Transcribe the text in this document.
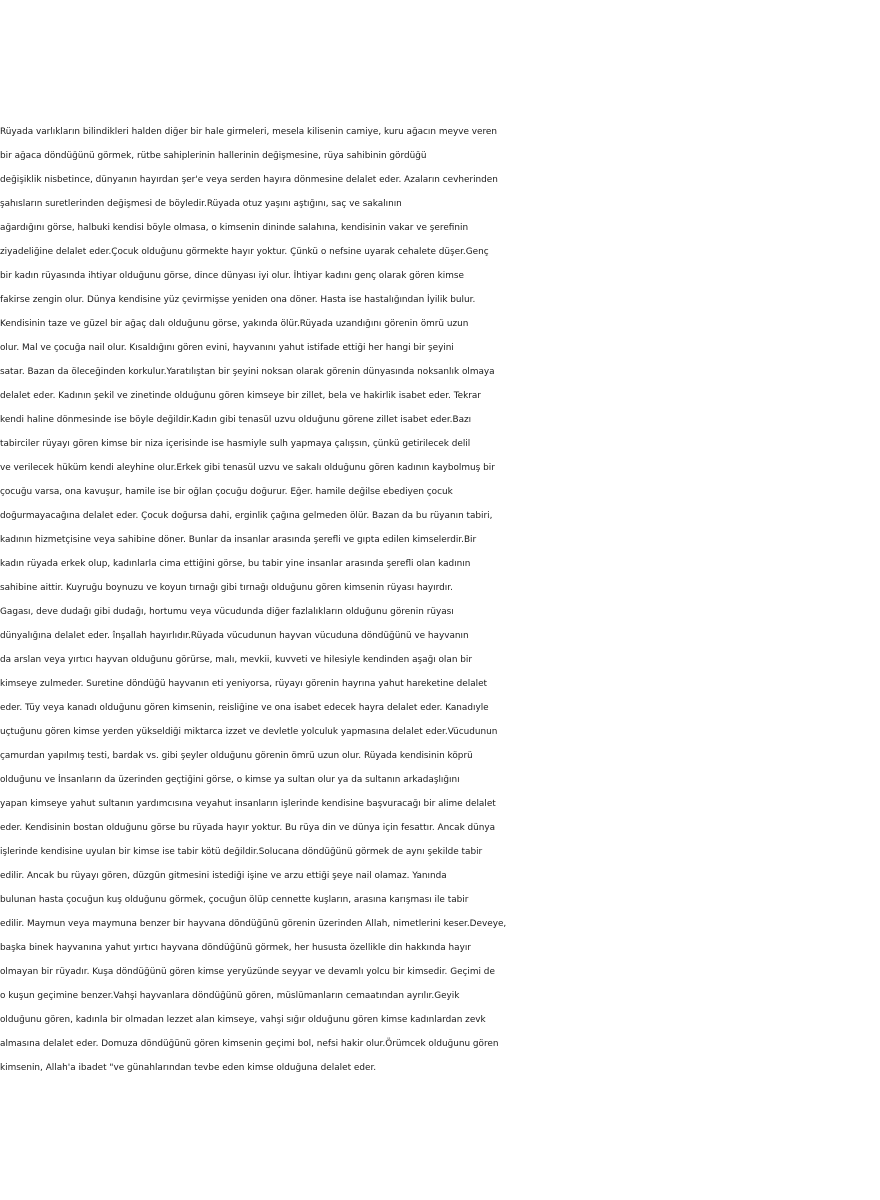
Rüyada varlıkların bilindikleri halden diğer bir hale girmeleri, mesela kilisenin camiye, kuru ağacın meyve veren
bir ağaca döndüğünü görmek, rütbe sahiplerinin hallerinin değişmesine, rüya sahibinin gördüğü
değişiklik nisbetince, dünyanın hayırdan şer'e veya serden hayıra dönmesine delalet eder. Azaların cevherinden
şahısların suretlerinden değişmesi de böyledir.Rüyada otuz yaşını aştığını, saç ve sakalının
ağardığını görse, halbuki kendisi böyle olmasa, o kimsenin dininde salahına, kendisinin vakar ve şerefinin
ziyadeliğine delalet eder.Çocuk olduğunu görmekte hayır yoktur. Çünkü o nefsine uyarak cehalete düşer.Genç
bir kadın rüyasında ihtiyar olduğunu görse, dince dünyası iyi olur. İhtiyar kadını genç olarak gören kimse
fakirse zengin olur. Dünya kendisine yüz çevirmişse yeniden ona döner. Hasta ise hastalığından İyilik bulur.
Kendisinin taze ve güzel bir ağaç dalı olduğunu görse, yakında ölür.Rüyada uzandığını görenin ömrü uzun
olur. Mal ve çocuğa nail olur. Kısaldığını gören evini, hayvanını yahut istifade ettiği her hangi bir şeyini
satar. Bazan da öleceğinden korkulur.Yaratılıştan bir şeyini noksan olarak görenin dünyasında noksanlık olmaya
delalet eder. Kadının şekil ve zinetinde olduğunu gören kimseye bir zillet, bela ve hakirlik isabet eder. Tekrar
kendi haline dönmesinde ise böyle değildir.Kadın gibi tenasül uzvu olduğunu görene zillet isabet eder.Bazı
tabirciler rüyayı gören kimse bir niza içerisinde ise hasmiyle sulh yapmaya çalışsın, çünkü getirilecek delil
ve verilecek hüküm kendi aleyhine olur.Erkek gibi tenasül uzvu ve sakalı olduğunu gören kadının kaybolmuş bir
çocuğu varsa, ona kavuşur, hamile ise bir oğlan çocuğu doğurur. Eğer. hamile değilse ebediyen çocuk
doğurmayacağına delalet eder. Çocuk doğursa dahi, erginlik çağına gelmeden ölür. Bazan da bu rüyanın tabiri,
kadının hizmetçisine veya sahibine döner. Bunlar da insanlar arasında şerefli ve gıpta edilen kimselerdir.Bir
kadın rüyada erkek olup, kadınlarla cima ettiğini görse, bu tabir yine insanlar arasında şerefli olan kadının
sahibine aittir. Kuyruğu boynuzu ve koyun tırnağı gibi tırnağı olduğunu gören kimsenin rüyası hayırdır.
Gagası, deve dudağı gibi dudağı, hortumu veya vücudunda diğer fazlalıkların olduğunu görenin rüyası
dünyalığına delalet eder. înşallah hayırlıdır.Rüyada vücudunun hayvan vücuduna döndüğünü ve hayvanın
da arslan veya yırtıcı hayvan olduğunu görürse, malı, mevkii, kuvveti ve hilesiyle kendinden aşağı olan bir
kimseye zulmeder. Suretine döndüğü hayvanın eti yeniyorsa, rüyayı görenin hayrına yahut hareketine delalet
eder. Tüy veya kanadı olduğunu gören kimsenin, reisliğine ve ona isabet edecek hayra delalet eder. Kanadıyle
uçtuğunu gören kimse yerden yükseldiği miktarca izzet ve devletle yolculuk yapmasına delalet eder.Vücudunun
çamurdan yapılmış testi, bardak vs. gibi şeyler olduğunu görenin ömrü uzun olur. Rüyada kendisinin köprü
olduğunu ve İnsanların da üzerinden geçtiğini görse, o kimse ya sultan olur ya da sultanın arkadaşlığını
yapan kimseye yahut sultanın yardımcısına veyahut insanların işlerinde kendisine başvuracağı bir alime delalet
eder. Kendisinin bostan olduğunu görse bu rüyada hayır yoktur. Bu rüya din ve dünya için fesattır. Ancak dünya
işlerinde kendisine uyulan bir kimse ise tabir kötü değildir.Solucana döndüğünü görmek de aynı şekilde tabir
edilir. Ancak bu rüyayı gören, düzgün gitmesini istediği işine ve arzu ettiği şeye nail olamaz. Yanında
bulunan hasta çocuğun kuş olduğunu görmek, çocuğun ölüp cennette kuşların, arasına karışması ile tabir
edilir. Maymun veya maymuna benzer bir hayvana döndüğünü görenin üzerinden Allah, nimetlerini keser.Deveye,
başka binek hayvanına yahut yırtıcı hayvana döndüğünü görmek, her hususta özellikle din hakkında hayır
olmayan bir rüyadır. Kuşa döndüğünü gören kimse yeryüzünde seyyar ve devamlı yolcu bir kimsedir. Geçimi de
o kuşun geçimine benzer.Vahşi hayvanlara döndüğünü gören, müslümanların cemaatından ayrılır.Geyik
olduğunu gören, kadınla bir olmadan lezzet alan kimseye, vahşi sığır olduğunu gören kimse kadınlardan zevk
almasına delalet eder. Domuza döndüğünü gören kimsenin geçimi bol, nefsi hakir olur.Örümcek olduğunu gören
kimsenin, Allah'a ibadet "ve günahlarından tevbe eden kimse olduğuna delalet eder.
